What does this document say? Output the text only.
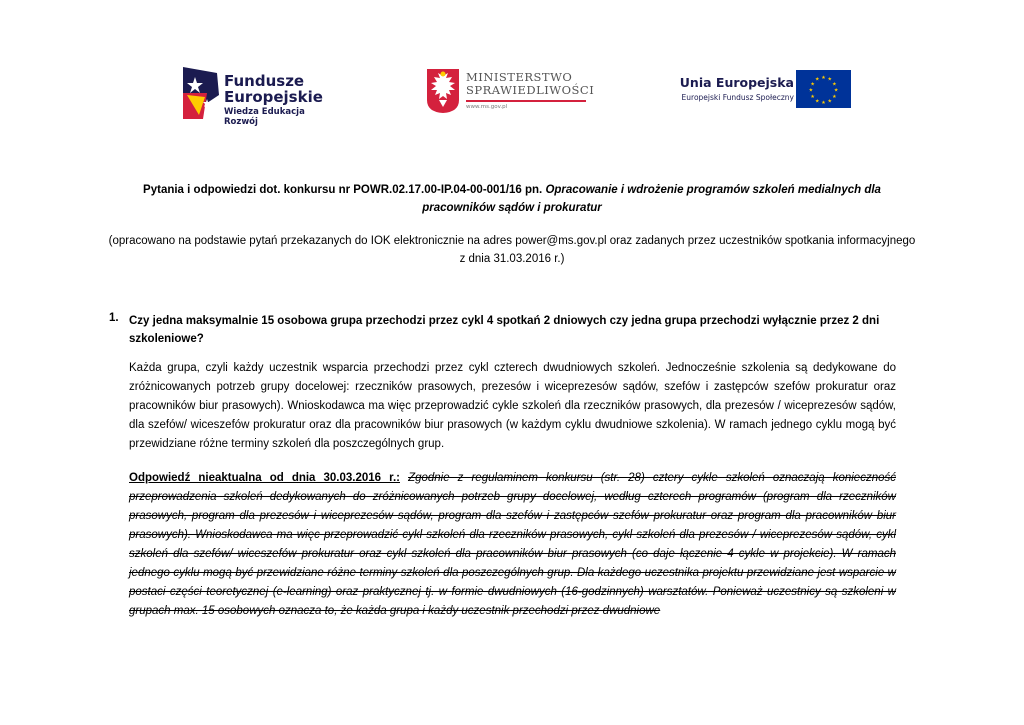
Fundusze
Europejskie
Wiedza Edukacja Rozwój
MINISTERSTWO
SPRAWIEDLIWOŚCI
www.ms.gov.pl
Unia Europejska
Europejski Fundusz Społeczny
★ ★
★
★
★
★
★
★
★
★
★
★
Pytania i odpowiedzi dot. konkursu nr POWR.02.17.00-IP.04-00-001/16 pn. Opracowanie i wdrożenie programów szkoleń medialnych dla pracowników sądów i prokuratur
(opracowano na podstawie pytań przekazanych do IOK elektronicznie na adres power@ms.gov.pl oraz zadanych przez uczestników spotkania informacyjnego z dnia 31.03.2016 r.)
1. Czy jedna maksymalnie 15 osobowa grupa przechodzi przez cykl 4 spotkań 2 dniowych czy jedna grupa przechodzi wyłącznie przez 2 dni szkoleniowe?
Każda grupa, czyli każdy uczestnik wsparcia przechodzi przez cykl czterech dwudniowych szkoleń. Jednocześnie szkolenia są dedykowane do zróżnicowanych potrzeb grupy docelowej: rzeczników prasowych, prezesów i wiceprezesów sądów, szefów i zastępców szefów prokuratur oraz pracowników biur prasowych). Wnioskodawca ma więc przeprowadzić cykle szkoleń dla rzeczników prasowych, dla prezesów / wiceprezesów sądów, dla szefów/ wiceszefów prokuratur oraz dla pracowników biur prasowych (w każdym cyklu dwudniowe szkolenia). W ramach jednego cyklu mogą być przewidziane różne terminy szkoleń dla poszczególnych grup.
Odpowiedź nieaktualna od dnia 30.03.2016 r.: Zgodnie z regulaminem konkursu (str. 28) cztery cykle szkoleń oznaczają konieczność przeprowadzenia szkoleń dedykowanych do zróżnicowanych potrzeb grupy docelowej, według czterech programów (program dla rzeczników prasowych, program dla prezesów i wiceprezesów sądów, program dla szefów i zastępców szefów prokuratur oraz program dla pracowników biur prasowych). Wnioskodawca ma więc przeprowadzić cykl szkoleń dla rzeczników prasowych, cykl szkoleń dla prezesów / wiceprezesów sądów, cykl szkoleń dla szefów/ wiceszefów prokuratur oraz cykl szkoleń dla pracowników biur prasowych (co daje łączenie 4 cykle w projekcie). W ramach jednego cyklu mogą być przewidziane różne terminy szkoleń dla poszczególnych grup. Dla każdego uczestnika projektu przewidziane jest wsparcie w postaci części teoretycznej (e-learning) oraz praktycznej tj. w formie dwudniowych (16-godzinnych) warsztatów. Ponieważ uczestnicy są szkoleni w grupach max. 15 osobowych oznacza to, że każda grupa i każdy uczestnik przechodzi przez dwudniowe
